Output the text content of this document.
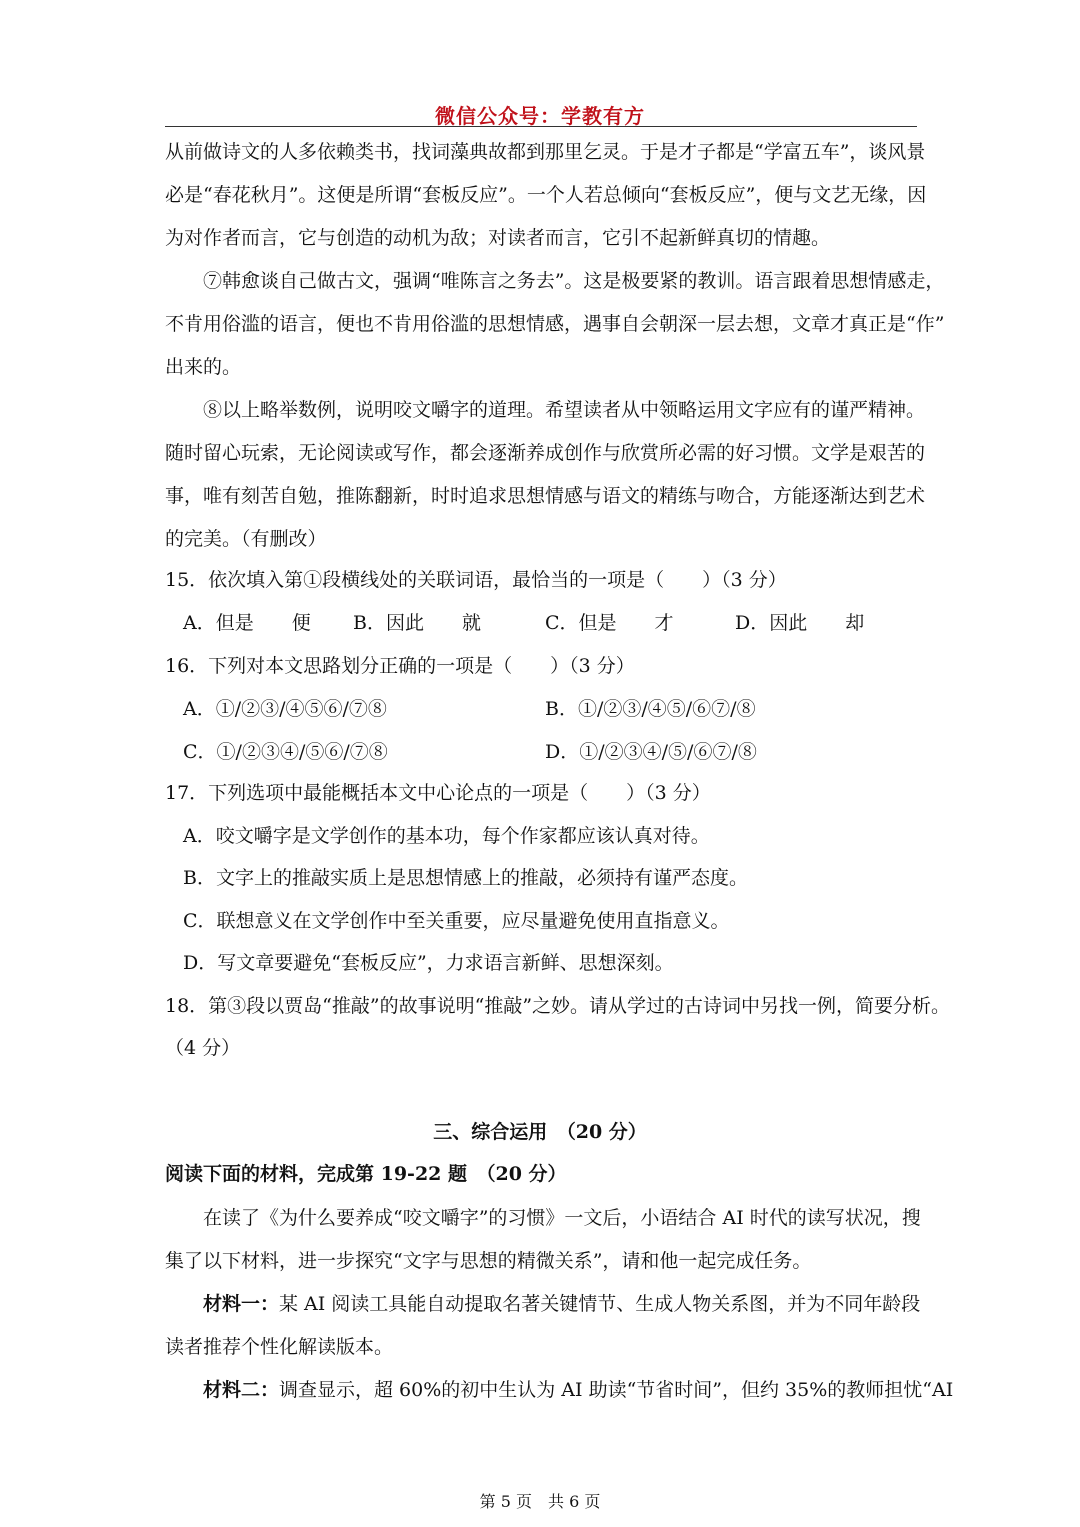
微信公众号：学教有方
从前做诗文的人多依赖类书，找词藻典故都到那里乞灵。于是才子都是“学富五车”，谈风景
必是“春花秋月”。这便是所谓“套板反应”。一个人若总倾向“套板反应”，便与文艺无缘，因
为对作者而言，它与创造的动机为敌；对读者而言，它引不起新鲜真切的情趣。
⑦韩愈谈自己做古文，强调“唯陈言之务去”。这是极要紧的教训。语言跟着思想情感走，
不肯用俗滥的语言，便也不肯用俗滥的思想情感，遇事自会朝深一层去想，文章才真正是“作”
出来的。
⑧以上略举数例，说明咬文嚼字的道理。希望读者从中领略运用文字应有的谨严精神。
随时留心玩索，无论阅读或写作，都会逐渐养成创作与欣赏所必需的好习惯。文学是艰苦的
事，唯有刻苦自勉，推陈翻新，时时追求思想情感与语文的精练与吻合，方能逐渐达到艺术
的完美。（有删改）
15．依次填入第①段横线处的关联词语，最恰当的一项是（　　）（3 分）
A．但是　　便 B．因此　　就	C．但是　　才	D．因此　　却
16．下列对本文思路划分正确的一项是（　　）（3 分）
A．①/②③/④⑤⑥/⑦⑧	B．①/②③/④⑤/⑥⑦/⑧
C．①/②③④/⑤⑥/⑦⑧	D．①/②③④/⑤/⑥⑦/⑧
17．下列选项中最能概括本文中心论点的一项是（　　）（3 分）
A．咬文嚼字是文学创作的基本功，每个作家都应该认真对待。
B．文字上的推敲实质上是思想情感上的推敲，必须持有谨严态度。
C．联想意义在文学创作中至关重要，应尽量避免使用直指意义。
D．写文章要避免“套板反应”，力求语言新鲜、思想深刻。
18．第③段以贾岛“推敲”的故事说明“推敲”之妙。请从学过的古诗词中另找一例，简要分析。
（4 分）
三、综合运用　（20 分）
阅读下面的材料，完成第 19-22 题　（20 分）
在读了《为什么要养成“咬文嚼字”的习惯》一文后，小语结合 AI 时代的读写状况，搜
集了以下材料，进一步探究“文字与思想的精微关系”，请和他一起完成任务。
材料一： 某 AI 阅读工具能自动提取名著关键情节、生成人物关系图，并为不同年龄段
读者推荐个性化解读版本。
材料二： 调查显示，超 60%的初中生认为 AI 助读“节省时间”，但约 35%的教师担忧“AI
第 5 页　共 6 页
